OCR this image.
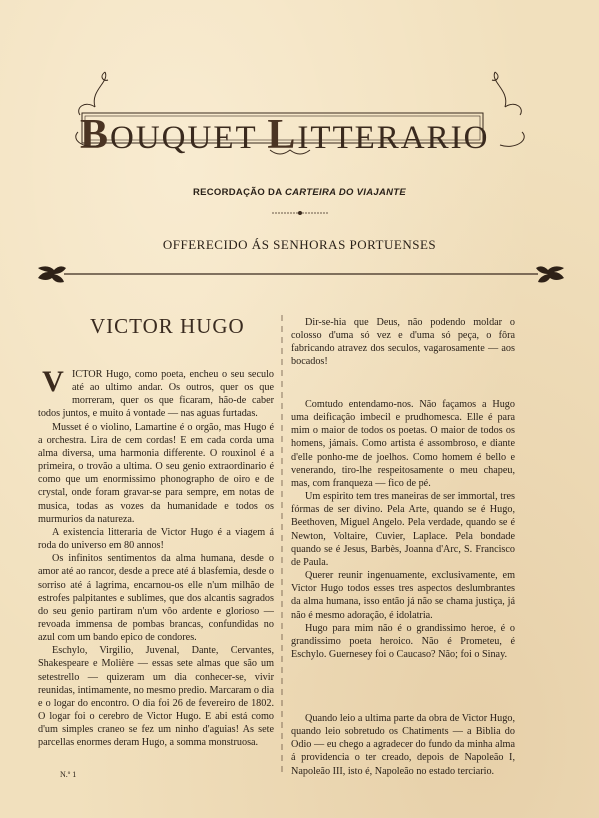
BOUQUET LITTERARIO
RECORDAÇÃO DA CARTEIRA DO VIAJANTE
OFFERECIDO ÁS SENHORAS PORTUENSES
VICTOR HUGO

VICTOR Hugo, como poeta, encheu o seu seculo até ao ultimo andar. Os outros, quer os que morreram, quer os que ficaram, hão-de caber todos juntos, e muito á vontade — nas aguas furtadas.

Musset é o violino, Lamartine é o orgão, mas Hugo é a orchestra. Lira de cem cordas! E em cada corda uma alma diversa, uma harmonia differente. O rouxinol é a primeira, o trovão a ultima. O seu genio extraordinario é como que um enormissimo phonographo de oiro e de crystal, onde foram gravar-se para sempre, em notas de musica, todas as vozes da humanidade e todos os murmurios da natureza.

A existencia litteraria de Victor Hugo é a viagem á roda do universo em 80 annos!

Os infinitos sentimentos da alma humana, desde o amor até ao rancor, desde a prece até á blasfemia, desde o sorriso até á lagrima, encarnou-os elle n'um milhão de estrofes palpitantes e sublimes, que dos alcantis sagrados do seu genio partiram n'um vôo ardente e glorioso — revoada immensa de pombas brancas, confundidas no azul com um bando epico de condores.

Eschylo, Virgilio, Juvenal, Dante, Cervantes, Shakespeare e Molière — essas sete almas que são um setestrello — quizeram um dia conhecer-se, vivir reunidas, intimamente, no mesmo predio. Marcaram o dia e o logar do encontro. O dia foi 26 de fevereiro de 1802. O logar foi o cerebro de Victor Hugo. E abi está como d'um simples craneo se fez um ninho d'aguias! As sete parcellas enormes deram Hugo, a somma monstruosa.

N.º 1

Dir-se-hia que Deus, não podendo moldar o colosso d'uma só vez e d'uma só peça, o fôra fabricando atravez dos seculos, vagarosamente — aos bocados!

Comtudo entendamo-nos. Não façamos a Hugo uma deificação imbecil e prudhomesca. Elle é para mim o maior de todos os poetas. O maior de todos os homens, jámais. Como artista é assombroso, e diante d'elle ponho-me de joelhos. Como homem é bello e venerando, tiro-lhe respeitosamente o meu chapeu, mas, com franqueza — fico de pé.

Um espirito tem tres maneiras de ser immortal, tres fórmas de ser divino. Pela Arte, quando se é Hugo, Beethoven, Miguel Angelo. Pela verdade, quando se é Newton, Voltaire, Cuvier, Laplace. Pela bondade quando se é Jesus, Barbès, Joanna d'Arc, S. Francisco de Paula.

Querer reunir ingenuamente, exclusivamente, em Victor Hugo todos esses tres aspectos deslumbrantes da alma humana, isso então já não se chama justiça, já não é mesmo adoração, é idolatria.

Hugo para mim não é o grandissimo heroe, é o grandissimo poeta heroico. Não é Prometeu, é Eschylo. Guernesey foi o Caucaso? Não; foi o Sinay.

Quando leio a ultima parte da obra de Victor Hugo, quando leio sobretudo os Chatiments — a Biblia do Odio — eu chego a agradecer do fundo da minha alma á providencia o ter creado, depois de Napoleão I, Napoleão III, isto é, Napoleão no estado terciario.
